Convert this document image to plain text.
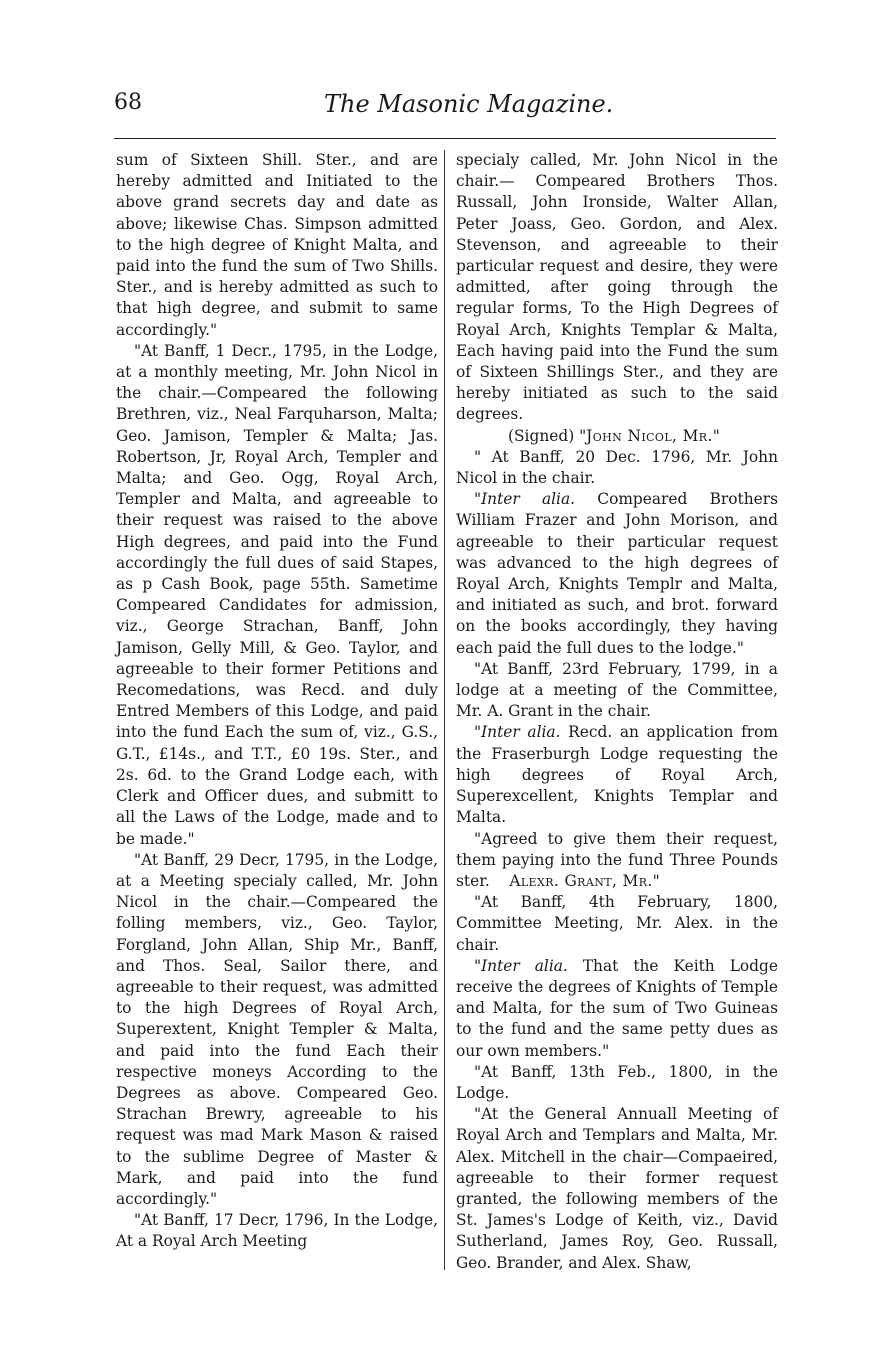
68	The Masonic Magazine.

sum of Sixteen Shill. Ster., and are hereby admitted and Initiated to the above grand secrets day and date as above; likewise Chas. Simpson admitted to the high degree of Knight Malta, and paid into the fund the sum of Two Shills. Ster., and is hereby admitted as such to that high degree, and submit to same accordingly."

"At Banff, 1 Decr., 1795, in the Lodge, at a monthly meeting, Mr. John Nicol in the chair.—Compeared the following Brethren, viz., Neal Farquharson, Malta; Geo. Jamison, Templer & Malta; Jas. Robertson, Jr, Royal Arch, Templer and Malta; and Geo. Ogg, Royal Arch, Templer and Malta, and agreeable to their request was raised to the above High degrees, and paid into the Fund accordingly the full dues of said Stapes, as p Cash Book, page 55th. Sametime Compeared Candidates for admission, viz., George Strachan, Banff, John Jamison, Gelly Mill, & Geo. Taylor, and agreeable to their former Petitions and Recomedations, was Recd. and duly Entred Members of this Lodge, and paid into the fund Each the sum of, viz., G.S., G.T., £14s., and T.T., £0 19s. Ster., and 2s. 6d. to the Grand Lodge each, with Clerk and Officer dues, and submitt to all the Laws of the Lodge, made and to be made."

"At Banff, 29 Decr, 1795, in the Lodge, at a Meeting specialy called, Mr. John Nicol in the chair.—Compeared the folling members, viz., Geo. Taylor, Forgland, John Allan, Ship Mr., Banff, and Thos. Seal, Sailor there, and agreeable to their request, was admitted to the high Degrees of Royal Arch, Superextent, Knight Templer & Malta, and paid into the fund Each their respective moneys According to the Degrees as above. Compeared Geo. Strachan Brewry, agreeable to his request was mad Mark Mason & raised to the sublime Degree of Master & Mark, and paid into the fund accordingly."

"At Banff, 17 Decr, 1796, In the Lodge, At a Royal Arch Meeting

specialy called, Mr. John Nicol in the chair.— Compeared Brothers Thos. Russall, John Ironside, Walter Allan, Peter Joass, Geo. Gordon, and Alex. Stevenson, and agreeable to their particular request and desire, they were admitted, after going through the regular forms, To the High Degrees of Royal Arch, Knights Templar & Malta, Each having paid into the Fund the sum of Sixteen Shillings Ster., and they are hereby initiated as such to the said degrees.

(Signed) "John Nicol, Mr."

" At Banff, 20 Dec. 1796, Mr. John Nicol in the chair.

"Inter alia. Compeared Brothers William Frazer and John Morison, and agreeable to their particular request was advanced to the high degrees of Royal Arch, Knights Templr and Malta, and initiated as such, and brot. forward on the books accordingly, they having each paid the full dues to the lodge."

"At Banff, 23rd February, 1799, in a lodge at a meeting of the Committee, Mr. A. Grant in the chair.

"Inter alia. Recd. an application from the Fraserburgh Lodge requesting the high degrees of Royal Arch, Superexcellent, Knights Templar and Malta.

"Agreed to give them their request, them paying into the fund Three Pounds ster. Alexr. Grant, Mr."

"At Banff, 4th February, 1800, Committee Meeting, Mr. Alex. in the chair.

"Inter alia. That the Keith Lodge receive the degrees of Knights of Temple and Malta, for the sum of Two Guineas to the fund and the same petty dues as our own members."

"At Banff, 13th Feb., 1800, in the Lodge.

"At the General Annuall Meeting of Royal Arch and Templars and Malta, Mr. Alex. Mitchell in the chair—Compaeired, agreeable to their former request granted, the following members of the St. James's Lodge of Keith, viz., David Sutherland, James Roy, Geo. Russall, Geo. Brander, and Alex. Shaw,
